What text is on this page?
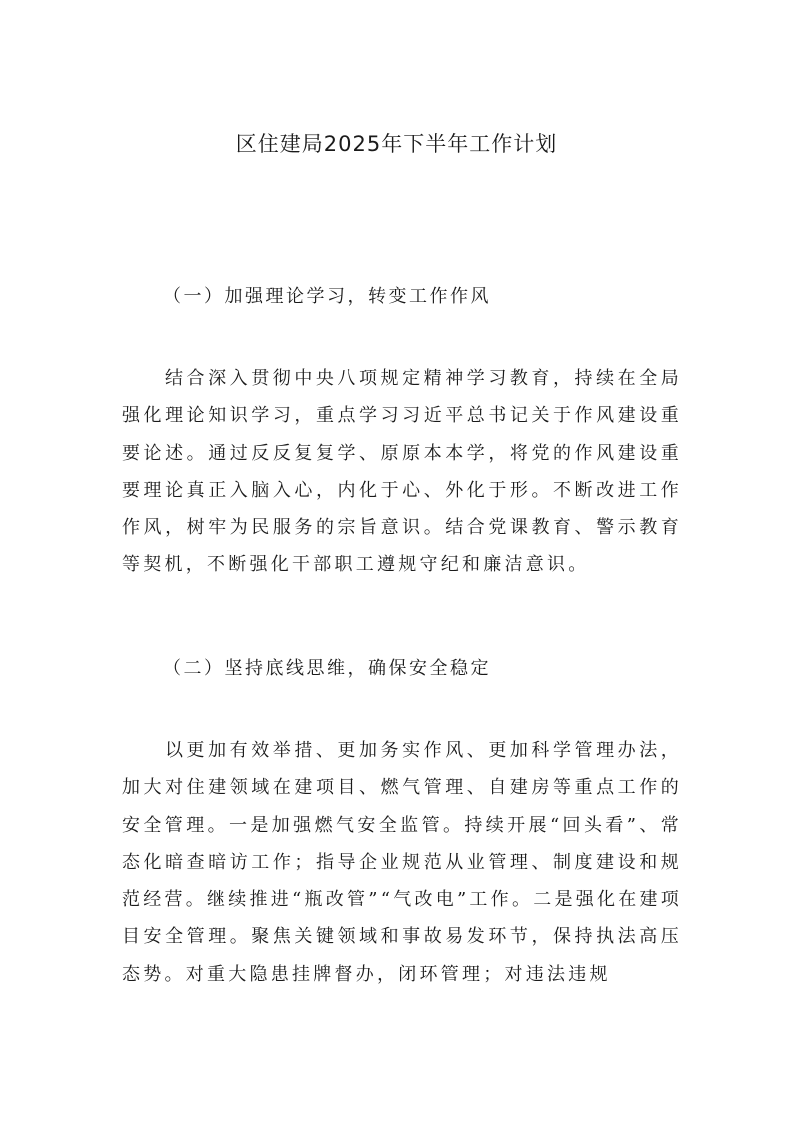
区住建局2025年下半年工作计划
（一）加强理论学习，转变工作作风
结合深入贯彻中央八项规定精神学习教育，持续在全局强化理论知识学习，重点学习习近平总书记关于作风建设重要论述。通过反反复复学、原原本本学，将党的作风建设重要理论真正入脑入心，内化于心、外化于形。不断改进工作作风，树牢为民服务的宗旨意识。结合党课教育、警示教育等契机，不断强化干部职工遵规守纪和廉洁意识。
（二）坚持底线思维，确保安全稳定
以更加有效举措、更加务实作风、更加科学管理办法，加大对住建领域在建项目、燃气管理、自建房等重点工作的安全管理。一是加强燃气安全监管。持续开展“回头看”、常态化暗查暗访工作；指导企业规范从业管理、制度建设和规范经营。继续推进“瓶改管”“气改电”工作。二是强化在建项目安全管理。聚焦关键领域和事故易发环节，保持执法高压态势。对重大隐患挂牌督办，闭环管理；对违法违规
